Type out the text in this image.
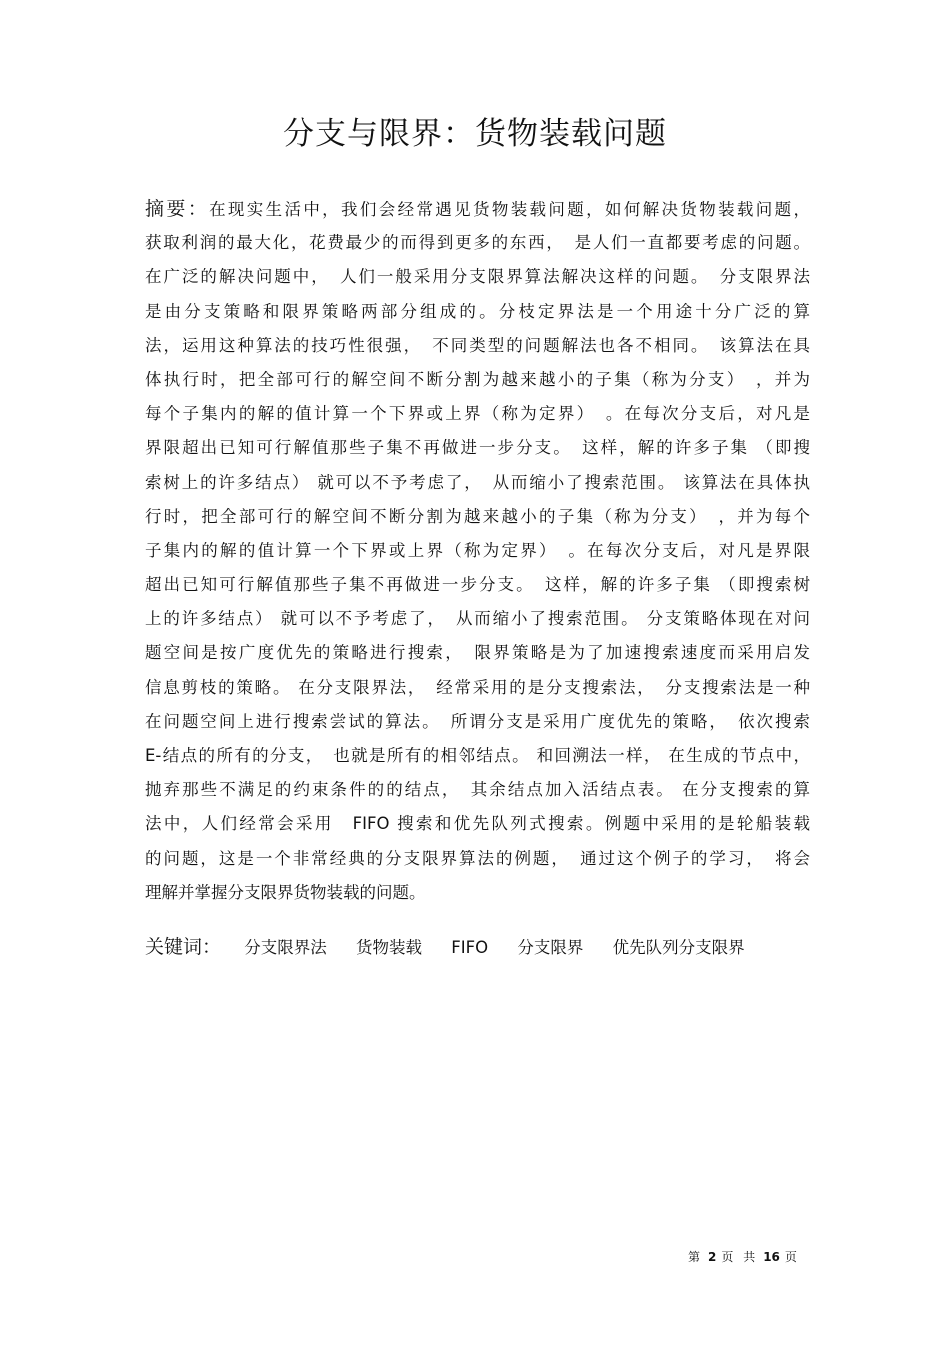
分支与限界：货物装载问题
摘要：在现实生活中，我们会经常遇见货物装载问题，如何解决货物装载问题，
获取利润的最大化，花费最少的而得到更多的东西，　是人们一直都要考虑的问题。
在广泛的解决问题中，　人们一般采用分支限界算法解决这样的问题。　分支限界法
是由分支策略和限界策略两部分组成的。分枝定界法是一个用途十分广泛的算
法，运用这种算法的技巧性很强，　不同类型的问题解法也各不相同。　该算法在具
体执行时，把全部可行的解空间不断分割为越来越小的子集（称为分支）　，并为
每个子集内的解的值计算一个下界或上界（称为定界）　。在每次分支后，对凡是
界限超出已知可行解值那些子集不再做进一步分支。　这样，解的许多子集 （即搜
索树上的许多结点） 就可以不予考虑了，　从而缩小了搜索范围。 该算法在具体执
行时，把全部可行的解空间不断分割为越来越小的子集（称为分支）　，并为每个
子集内的解的值计算一个下界或上界（称为定界）　。在每次分支后，对凡是界限
超出已知可行解值那些子集不再做进一步分支。　这样，解的许多子集 （即搜索树
上的许多结点） 就可以不予考虑了，　从而缩小了搜索范围。 分支策略体现在对问
题空间是按广度优先的策略进行搜索，　限界策略是为了加速搜索速度而采用启发
信息剪枝的策略。 在分支限界法，　经常采用的是分支搜索法，　分支搜索法是一种
在问题空间上进行搜索尝试的算法。　所谓分支是采用广度优先的策略，　依次搜索
E-结点的所有的分支，　也就是所有的相邻结点。 和回溯法一样， 在生成的节点中，
抛弃那些不满足的约束条件的的结点，　其余结点加入活结点表。 在分支搜索的算
法中，人们经常会采用　FIFO 搜索和优先队列式搜索。例题中采用的是轮船装载
的问题，这是一个非常经典的分支限界算法的例题，　通过这个例子的学习，　将会
理解并掌握分支限界货物装载的问题。
关键词： 分支限界法 货物装载 FIFO 分支限界 优先队列分支限界
第 2 页 共 16 页
